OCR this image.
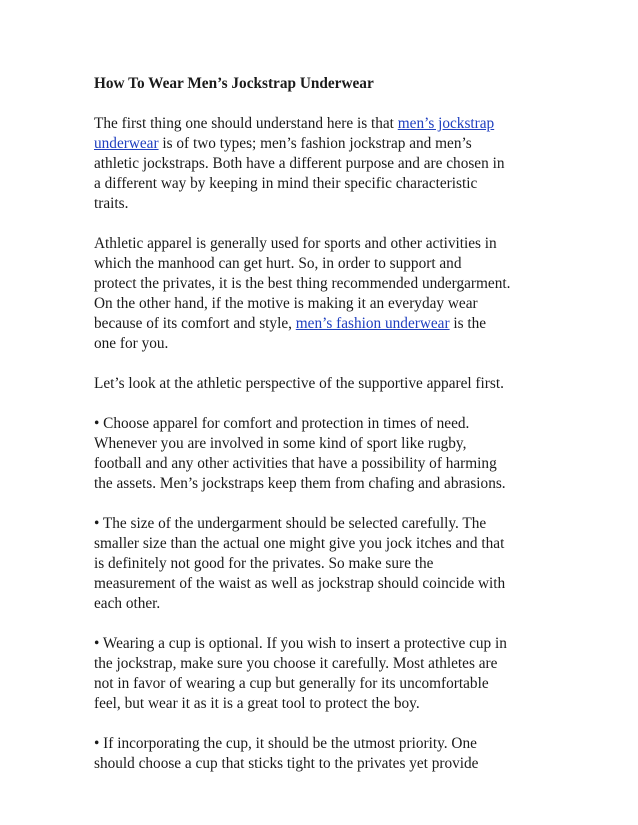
How To Wear Men’s Jockstrap Underwear
The first thing one should understand here is that men’s jockstrap
underwear is of two types; men’s fashion jockstrap and men’s
athletic jockstraps. Both have a different purpose and are chosen in
a different way by keeping in mind their specific characteristic
traits.
Athletic apparel is generally used for sports and other activities in
which the manhood can get hurt. So, in order to support and
protect the privates, it is the best thing recommended undergarment.
On the other hand, if the motive is making it an everyday wear
because of its comfort and style, men’s fashion underwear is the
one for you.
Let’s look at the athletic perspective of the supportive apparel first.
• Choose apparel for comfort and protection in times of need.
Whenever you are involved in some kind of sport like rugby,
football and any other activities that have a possibility of harming
the assets. Men’s jockstraps keep them from chafing and abrasions.
• The size of the undergarment should be selected carefully. The
smaller size than the actual one might give you jock itches and that
is definitely not good for the privates. So make sure the
measurement of the waist as well as jockstrap should coincide with
each other.
• Wearing a cup is optional. If you wish to insert a protective cup in
the jockstrap, make sure you choose it carefully. Most athletes are
not in favor of wearing a cup but generally for its uncomfortable
feel, but wear it as it is a great tool to protect the boy.
• If incorporating the cup, it should be the utmost priority. One
should choose a cup that sticks tight to the privates yet provide
